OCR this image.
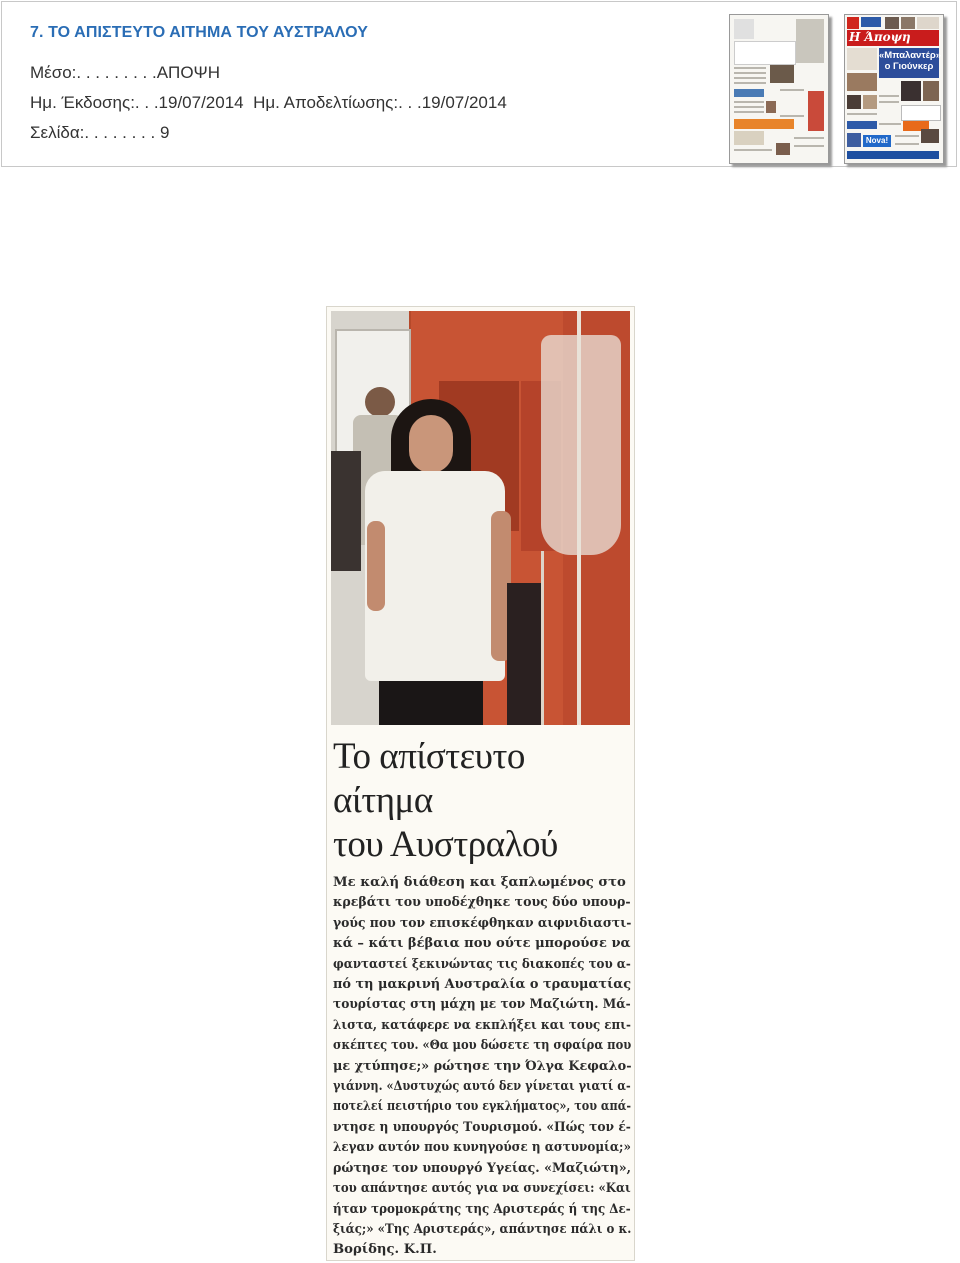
7. ΤΟ ΑΠΙΣΤΕΥΤΟ ΑΙΤΗΜΑ ΤΟΥ ΑΥΣΤΡΑΛΟΥ
Μέσο:. . . . . . . . .ΑΠΟΨΗ
Ημ. Έκδοσης:. . .19/07/2014  Ημ. Αποδελτίωσης:. . .19/07/2014
Σελίδα:. . . . . . . . 9
Η Άποψη
«Μπαλαντέρ»
ο Γιούνκερ
Νova!
Το απίστευτο
αίτημα
του Αυστραλού
Με καλή διάθεση και ξαπλωμένος στο
κρεβάτι του υποδέχθηκε τους δύο υπουρ-
γούς που τον επισκέφθηκαν αιφνιδιαστι-
κά – κάτι βέβαια που ούτε μπορούσε να
φανταστεί ξεκινώντας τις διακοπές του α-
πό τη μακρινή Αυστραλία ο τραυματίας
τουρίστας στη μάχη με τον Μαζιώτη. Μά-
λιστα, κατάφερε να εκπλήξει και τους επι-
σκέπτες του. «Θα μου δώσετε τη σφαίρα που
με χτύπησε;» ρώτησε την Όλγα Κεφαλο-
γιάννη. «Δυστυχώς αυτό δεν γίνεται γιατί α-
ποτελεί πειστήριο του εγκλήματος», του απά-
ντησε η υπουργός Τουρισμού. «Πώς τον έ-
λεγαν αυτόν που κυνηγούσε η αστυνομία;»
ρώτησε τον υπουργό Υγείας. «Μαζιώτη»,
του απάντησε αυτός για να συνεχίσει: «Και
ήταν τρομοκράτης της Αριστεράς ή της Δε-
ξιάς;» «Της Αριστεράς», απάντησε πάλι ο κ.
Βορίδης. Κ.Π.
